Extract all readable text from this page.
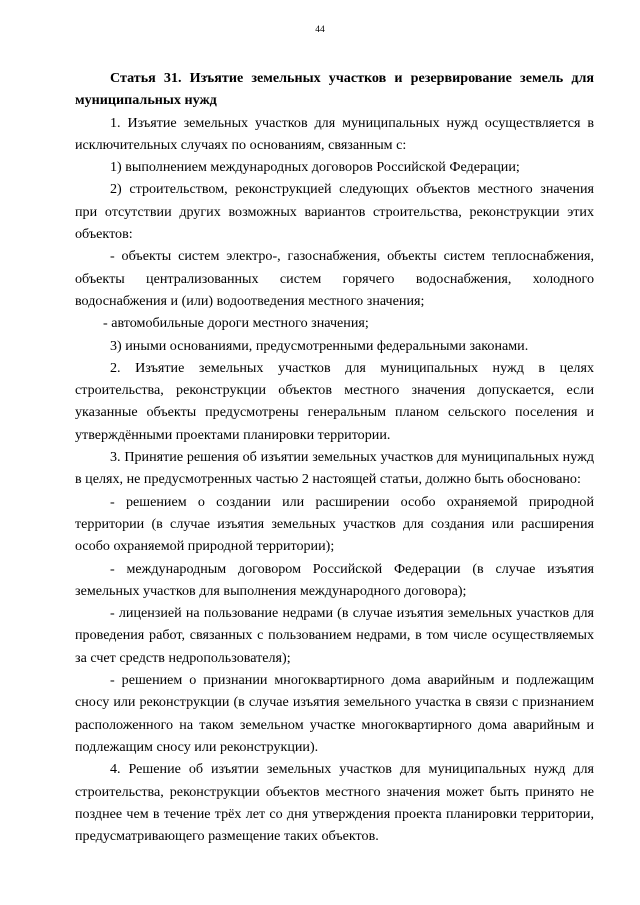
44

Статья 31. Изъятие земельных участков и резервирование земель для муниципальных нужд

1. Изъятие земельных участков для муниципальных нужд осуществляется в исключительных случаях по основаниям, связанным с:

1) выполнением международных договоров Российской Федерации;

2) строительством, реконструкцией следующих объектов местного значения при отсутствии других возможных вариантов строительства, реконструкции этих объектов:

- объекты систем электро-, газоснабжения, объекты систем теплоснабжения, объекты централизованных систем горячего водоснабжения, холодного водоснабжения и (или) водоотведения местного значения;

- автомобильные дороги местного значения;

3) иными основаниями, предусмотренными федеральными законами.

2. Изъятие земельных участков для муниципальных нужд в целях строительства, реконструкции объектов местного значения допускается, если указанные объекты предусмотрены генеральным планом сельского поселения и утверждёнными проектами планировки территории.

3. Принятие решения об изъятии земельных участков для муниципальных нужд в целях, не предусмотренных частью 2 настоящей статьи, должно быть обосновано:

- решением о создании или расширении особо охраняемой природной территории (в случае изъятия земельных участков для создания или расширения особо охраняемой природной территории);

- международным договором Российской Федерации (в случае изъятия земельных участков для выполнения международного договора);

- лицензией на пользование недрами (в случае изъятия земельных участков для проведения работ, связанных с пользованием недрами, в том числе осуществляемых за счет средств недропользователя);

- решением о признании многоквартирного дома аварийным и подлежащим сносу или реконструкции (в случае изъятия земельного участка в связи с признанием расположенного на таком земельном участке многоквартирного дома аварийным и подлежащим сносу или реконструкции).

4. Решение об изъятии земельных участков для муниципальных нужд для строительства, реконструкции объектов местного значения может быть принято не позднее чем в течение трёх лет со дня утверждения проекта планировки территории, предусматривающего размещение таких объектов.
